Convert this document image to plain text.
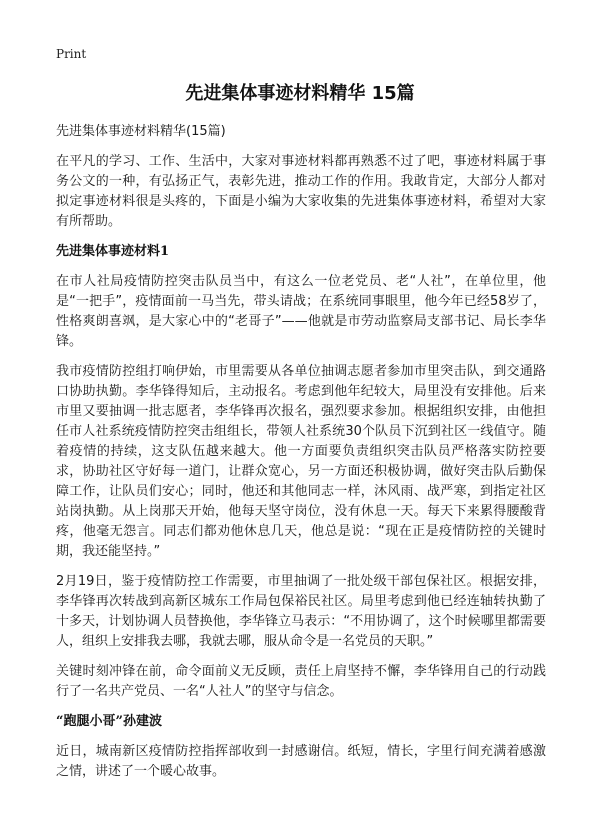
Print
先进集体事迹材料精华 15篇

先进集体事迹材料精华(15篇)

在平凡的学习、工作、生活中，大家对事迹材料都再熟悉不过了吧，事迹材料属于事务公文的一种，有弘扬正气，表彰先进，推动工作的作用。我敢肯定，大部分人都对拟定事迹材料很是头疼的，下面是小编为大家收集的先进集体事迹材料，希望对大家有所帮助。

先进集体事迹材料1

在市人社局疫情防控突击队员当中，有这么一位老党员、老“人社”，在单位里，他是“一把手”，疫情面前一马当先，带头请战；在系统同事眼里，他今年已经58岁了，性格爽朗喜飒，是大家心中的“老哥子”——他就是市劳动监察局支部书记、局长李华锋。

我市疫情防控组打响伊始，市里需要从各单位抽调志愿者参加市里突击队，到交通路口协助执勤。李华锋得知后，主动报名。考虑到他年纪较大，局里没有安排他。后来市里又要抽调一批志愿者，李华锋再次报名，强烈要求参加。根据组织安排，由他担任市人社系统疫情防控突击组组长，带领人社系统30个队员下沉到社区一线值守。随着疫情的持续，这支队伍越来越大。他一方面要负责组织突击队员严格落实防控要求，协助社区守好每一道门，让群众宽心，另一方面还积极协调，做好突击队后勤保障工作，让队员们安心；同时，他还和其他同志一样，沐风雨、战严寒，到指定社区站岗执勤。从上岗那天开始，他每天坚守岗位，没有休息一天。每天下来累得腰酸背疼，他毫无怨言。同志们都劝他休息几天，他总是说：“现在正是疫情防控的关键时期，我还能坚持。”

2月19日，鉴于疫情防控工作需要，市里抽调了一批处级干部包保社区。根据安排，李华锋再次转战到高新区城东工作局包保裕民社区。局里考虑到他已经连轴转执勤了十多天，计划协调人员替换他，李华锋立马表示：“不用协调了，这个时候哪里都需要人，组织上安排我去哪，我就去哪，服从命令是一名党员的天职。”

关键时刻冲锋在前，命令面前义无反顾，责任上肩坚持不懈，李华锋用自己的行动践行了一名共产党员、一名“人社人”的坚守与信念。

“跑腿小哥”孙建波

近日，城南新区疫情防控指挥部收到一封感谢信。纸短，情长，字里行间充满着感激之情，讲述了一个暖心故事。
